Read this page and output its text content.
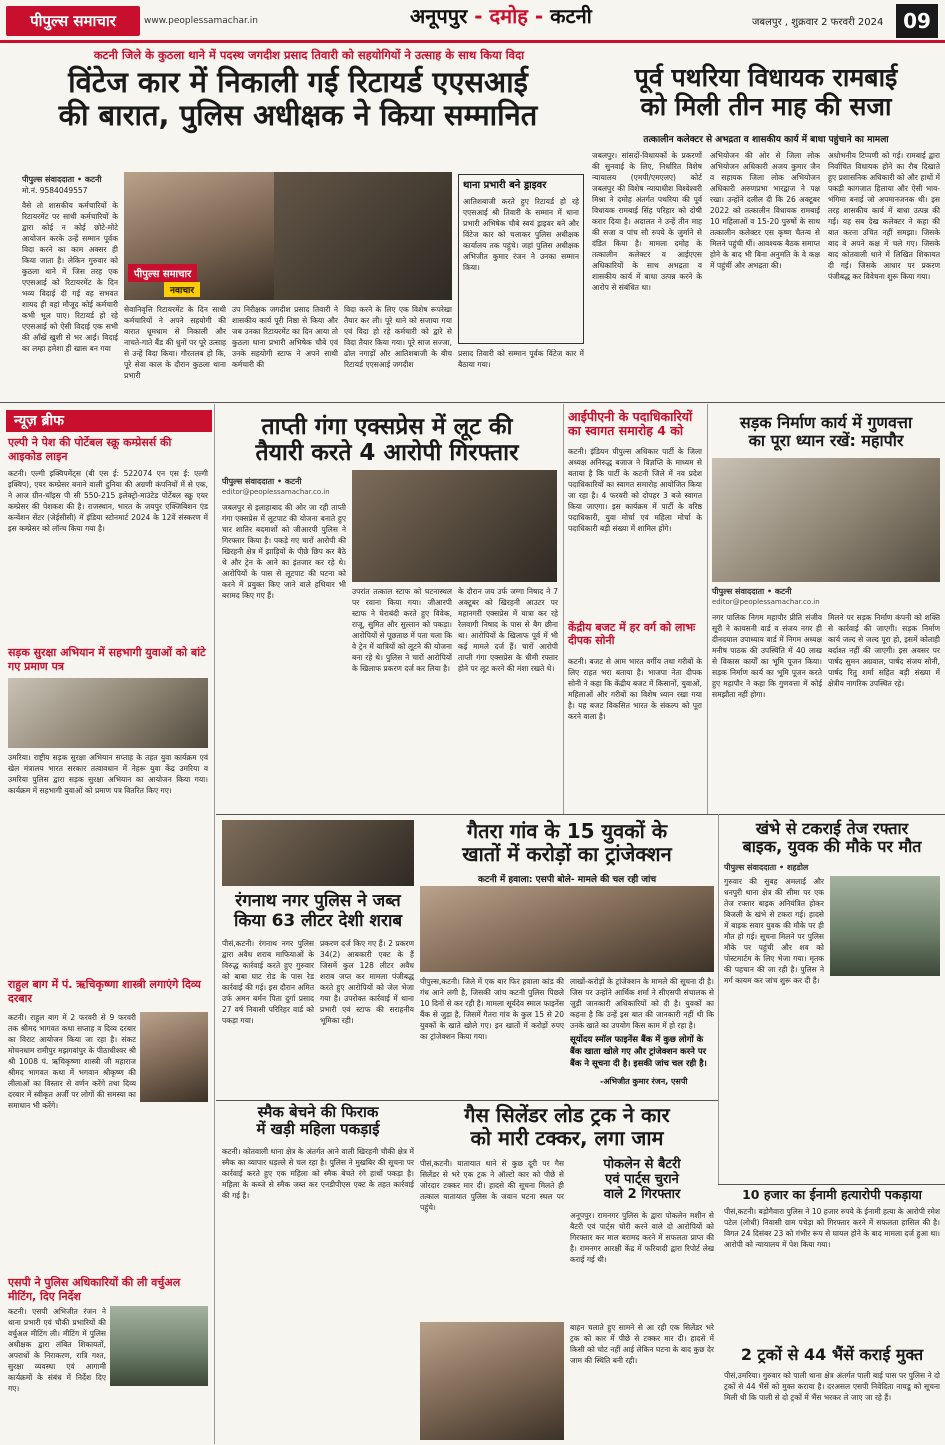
पीपुल्स समाचार	www.peoplessamachar.in	अनूपपुर - दमोह - कटनी	जबलपुर , शुक्रवार 2 फरवरी 2024 09
कटनी जिले के कुठला थाने में पदस्थ जगदीश प्रसाद तिवारी को सहयोगियों ने उत्साह के साथ किया विदा
विंटेज कार में निकाली गई रिटायर्ड एएसआई
की बारात, पुलिस अधीक्षक ने किया सम्मानित
पीपुल्स संवाददाता • कटनी
मो.नं. 9584049557
वैसे तो शासकीय कर्मचारियों के रिटायरमेंट पर साथी कर्मचारियों के द्वारा कोई न कोई छोटे-मोटे आयोजन करके उन्हें सम्मान पूर्वक विदा करने का काम अक्सर ही किया जाता है। लेकिन गुरुवार को कुठला थाने में जिस तरह एक एएसआई को रिटायरमेंट के दिन भव्य विदाई दी गई वह सभवत शायद ही वहां मौजूद कोई कर्मचारी कभी भूल पाए। रिटायर्ड हो रहे एएसआई को ऐसी विदाई एक सभी की आँखें खुशी से भर आईं। विदाई का लम्हा हमेशा ही खास बन गया
पीपुल्स समाचार
नवाचार
सेवानिवृत्ति रिटायरमेंट के दिन साथी कर्मचारियों ने अपने सहयोगी की बारात धूमधाम से निकाली और नाचते-गाते बैंड की धुनों पर पूरे उत्साह से उन्हें विदा किया। गौरतलब हो कि, पूरे सेवा काल के दौरान कुठला थाना प्रभारी
उप निरीक्षक जगदीश प्रसाद तिवारी ने शासकीय कार्य पूरी निष्ठा से किया और जब उनका रिटायरमेंट का दिन आया तो कुठला थाना प्रभारी अभिषेक चौबे एवं उनके सहयोगी स्टाफ ने अपने साथी कर्मचारी की
विदा करने के लिए एक विशेष रूपरेखा तैयार कर ली। पूरे थाने को सजाया गया एवं विदा हो रहे कर्मचारी को द्वारे से विदा तैयार किया गया। पूरे साज सज्जा, ढोल नगाड़ों और आतिशबाजी के बीच रिटायर्ड एएसआई जगदीश
थाना प्रभारी बने ड्राइवर
आतिशबाजी करते हुए रिटायर्ड हो रहे एएसआई श्री तिवारी के सम्मान में थाना प्रभारी अभिषेक चौबे स्वयं ड्राइवर बने और विंटेज कार को चलाकर पुलिस अधीक्षक कार्यालय तक पहुंचे। जहां पुलिस अधीक्षक अभिजीत कुमार रंजन ने उनका सम्मान किया।
प्रसाद तिवारी को सम्मान पूर्वक विंटेज कार में बैठाया गया।
पूर्व पथरिया विधायक रामबाई
को मिली तीन माह की सजा
तत्कालीन कलेक्टर से अभद्रता व शासकीय कार्य में बाधा पहुंचाने का मामला
जबलपुर। सांसदों-विधायकों के प्रकरणों की सुनवाई के लिए, निर्धारित विशेष न्यायालय (एमपी/एमएलए) कोर्ट जबलपुर की विशेष न्यायाधीश विश्वेश्वरी मिश्रा ने दमोह अंतर्गत पथरिया की पूर्व विधायक रामबाई सिंह परिहार को दोषी करार दिया है। अदालत ने उन्हें तीन माह की सजा व पांच सौ रुपये के जुर्माने से दंडित किया है। मामला दमोह के तत्कालीन कलेक्टर व आईएएस अधिकारियों के साथ अभद्रता व शासकीय कार्य में बाधा उत्पन्न करने के आरोप से संबंधित था।
अभियोजन की ओर से जिला लोक अभियोजन अधिकारी अजय कुमार जैन व सहायक जिला लोक अभियोजन अधिकारी अरुणप्रभा भारद्वाज ने पक्ष रखा। उन्होंने दलील दी कि 26 अक्टूबर 2022 को तत्कालीन विधायक रामबाई 10 महिलाओं व 15-20 पुरुषों के साथ तत्कालीन कलेक्टर एस कृष्ण चैतन्य से मिलने पहुंची थीं। आवश्यक बैठक समाप्त होने के बाद भी बिना अनुमति के वे कक्ष में पहुंचीं और अभद्रता की।
अधोभनीय टिप्पणी को गई। रामबाई द्वारा निर्वाचित विधायक होने का रौब दिखाते हुए प्रशासनिक अधिकारी को और हाथों में पकड़ी कागजात हिलाया और ऐसी भाव-भंगिमा बनाई जो अपमानजनक थी। इस तरह शासकीय कार्य में बाधा उत्पन्न की गई। यह सब देख कलेक्टर ने कहा की बात करना उचित नहीं समझा। जिसके बाद वे अपने कक्ष में चले गए। जिसके बाद कोतवाली थाने में लिखित शिकायत दी गई। जिसके आधार पर प्रकरण पंजीबद्ध कर विवेचना शुरू किया गया।
न्यूज़ ब्रीफ
एल्पी ने पेश की पोर्टेबल स्क्रू कम्प्रेसर्स की आइकोड लाइन
कटनी। एल्गी इक्विपमेंट्स (बी एस ई: 522074 एन एस ई: एल्गी इक्विप), एयर कम्प्रेसर बनाने वाली दुनिया की अग्रणी कंपनियों में से एक, ने आज ग्रीन-चॉइस पी सी 550-215 इलेक्ट्रो-माउंटेड पोर्टेबल स्क्रू एयर कम्प्रेसर की पेशकश की है। राजस्थान, भारत के जयपुर एक्जिबिशन एंड कन्वेंशन सेंटर (जेईसीसी) में इंडिया स्टोनमार्ट 2024 के 12वें संस्करण में इस कम्प्रेसर को लॉन्च किया गया है।
सड़क सुरक्षा अभियान में सहभागी युवाओं को बांटे गए प्रमाण पत्र
उमरिया। राष्ट्रीय सड़क सुरक्षा अभियान सप्ताह के तहत युवा कार्यक्रम एवं खेल मंत्रालय भारत सरकार तत्वावधान में नेहरू युवा केंद्र उमरिया व उमरिया पुलिस द्वारा सड़क सुरक्षा अभियान का आयोजन किया गया। कार्यक्रम में सहभागी युवाओं को प्रमाण पत्र वितरित किए गए।
राहुल बाग में पं. ऋचिकृष्णा शास्त्री लगाएंगे दिव्य दरबार
कटनी। राहुल बाग में 2 फरवरी से 9 फरवरी तक श्रीमद भागवत कथा सप्ताह व दिव्य दरबार का विराट आयोजन किया जा रहा है। संकट मोचनधाम रामीपुर मझगवांपुर के पीठाधीश्वर श्री श्री 1008 पं. ऋचिकृष्णा शास्त्री जी महाराज श्रीमद भागवत कथा में भगवान श्रीकृष्ण की लीलाओं का विस्तार से वर्णन करेंगे तथा दिव्य दरबार में स्वीकृत अर्जी पर लोगों की समस्या का समाधान भी करेंगे।
एसपी ने पुलिस अधिकारियों की ली वर्चुअल मीटिंग, दिए निर्देश
कटनी। एसपी अभिजीत रंजन ने थाना प्रभारी एवं चौकी प्रभारियों की वर्चुअल मीटिंग ली। मीटिंग में पुलिस अधीक्षक द्वारा लंबित शिकायतों, अपराधों के निराकरण, रात्रि गश्त, सुरक्षा व्यवस्था एवं आगामी कार्यक्रमों के संबंध में निर्देश दिए गए।
ताप्ती गंगा एक्सप्रेस में लूट की
तैयारी करते 4 आरोपी गिरफ्तार
पीपुल्स संवाददाता • कटनी
editor@peoplessamachar.co.in
जबलपुर से इलाहाबाद की ओर जा रही ताप्ती गंगा एक्सप्रेस में लूटपाट की योजना बनाते हुए चार शातिर बदमाशों को जीआरपी पुलिस ने गिरफ्तार किया है। पकड़े गए चारों आरोपी की खिरहनी क्षेत्र में झाड़ियों के पीछे छिप कर बैठे थे और ट्रेन के आने का इंतजार कर रहे थे। आरोपियों के पास से लूटपाट की घटना को करने में प्रयुक्त किए जाने वाले हथियार भी बरामद किए गए हैं।	उपरांत तत्काल स्टाफ को घटनास्थल पर रवाना किया गया। जीआरपी स्टाफ ने घेराबंदी करते हुए विवेक, राजू, सुमित और सुल्तान को पकड़ा। आरोपियों से पूछताछ में पता चला कि वे ट्रेन में यात्रियों को लूटने की योजना बना रहे थे। पुलिस ने चारों आरोपियों के खिलाफ प्रकरण दर्ज कर लिया है।
के दौरान जय उर्फ जग्गा निषाद ने 7 अक्टूबर को खिरहनी आउटर पर महानगरी एक्सप्रेस में यात्रा कर रहे रेलवागी निषाद के पास से बैग छीना था। आरोपियों के खिलाफ पूर्व में भी कई मामले दर्ज हैं। चारों आरोपी ताप्ती गंगा एक्सप्रेस के धीमी रफ्तार होने पर लूट करने की मंशा रखते थे।
आईपीएनी के पदाधिकारियों
का स्वागत समारोह 4 को
कटनी। इंडियन पीपुल्स अधिकार पार्टी के जिला अध्यक्ष अनिरुद्ध बजाज ने विज्ञप्ति के माध्यम से बताया है कि पार्टी के कटनी जिले में नव प्रदेश पदाधिकारियों का स्वागत समारोह आयोजित किया जा रहा है। 4 फरवरी को दोपहर 3 बजे स्वागत किया जाएगा। इस कार्यक्रम में पार्टी के वरिष्ठ पदाधिकारी, युवा मोर्चा एवं महिला मोर्चा के पदाधिकारी बड़ी संख्या में शामिल होंगे।
केंद्रीय बजट में हर वर्ग को लाभः दीपक सोनी
कटनी। बजट से आम भारत वर्गीय तथा गरीबों के लिए राहत भरा बताया है। भाजपा नेता दीपक सोनी ने कहा कि केंद्रीय बजट में किसानों, युवाओं, महिलाओं और गरीबों का विशेष ध्यान रखा गया है। यह बजट विकसित भारत के संकल्प को पूरा करने वाला है।
सड़क निर्माण कार्य में गुणवत्ता
का पूरा ध्यान रखें: महापौर
पीपुल्स संवाददाता • कटनी
editor@peoplessamachar.co.in
नगर पालिक निगम महापौर प्रीति संजीव सूरी ने कायसनी वार्ड व संजय नगर ही दीनदयाल उपाध्याय वार्ड में निगम अध्यक्ष मनीष पाठक की उपस्थिति में 40 लाख से विकास कार्यों का भूमि पूजन किया। सड़क निर्माण कार्य का भूमि पूजन करते हुए महापौर ने कहा कि गुणवत्ता में कोई समझौता नहीं होगा।
मिलने पर सड़क निर्माण कंपनी को शक्ति से कार्रवाई की जाएगी। सड़क निर्माण कार्य जल्द से जल्द पूरा हो, इसमें कोताही बर्दाश्त नहीं की जाएगी। इस अवसर पर पार्षद सुमन अग्रवाल, पार्षद संजय सोनी, पार्षद रितु शर्मा सहित बड़ी संख्या में क्षेत्रीय नागरिक उपस्थित रहे।
गैतरा गांव के 15 युवकों के
खातों में करोड़ों का ट्रांजेक्शन
कटनी में हवाला: एसपी बोले- मामले की चल रही जांच
पीपुल्स,कटनी। जिले में एक बार फिर हवाला कांड की गंध आने लगी है, जिसकी जांच कटनी पुलिस पिछले 10 दिनों से कर रही है। मामला सूर्यदेव स्माल फाइनेंस बैंक से जुड़ा है, जिसमें गैतरा गांव के कुल 15 से 20 युवकों के खाते खोले गए। इन खातों में करोड़ों रुपए का ट्रांजेक्शन किया गया।
लाखों-करोड़ों के ट्रांजेक्शन के मामले की सूचना दी है। जिस पर उन्होंने आर्थिक शर्मा ने सीएसपी संचालक से जुड़ी जानकारी अधिकारियों को दी है। युवकों का कहना है कि उन्हें इस बात की जानकारी नहीं थी कि उनके खाते का उपयोग किस काम में हो रहा है।
सूर्योदय स्मॉल फाइनेंस बैंक में कुछ लोगों के बैंक खाता खोले गए और ट्रांजेक्शन करने पर बैंक ने सूचना दी है। इसकी जांच चल रही है।
-अभिजीत कुमार रंजन, एसपी
रंगनाथ नगर पुलिस ने जब्त
किया 63 लीटर देशी शराब
पीसं,कटनी। रंगनाथ नगर पुलिस द्वारा अवैध शराब माफियाओं के विरुद्ध कार्रवाई करते हुए गुरुवार को बाबा घाट रोड के पास रेड कार्रवाई की गई। इस दौरान अमित उर्फ अमन बर्मन पिता दुर्गा प्रसाद 27 वर्ष निवासी परिरिहर वार्ड को पकड़ा गया।
प्रकरण दर्ज किए गए हैं। 2 प्रकरण 34(2) आबकारी एक्ट के हैं जिसमें कुल 128 लीटर अवैध शराब जप्त कर मामला पंजीबद्ध करते हुए आरोपियों को जेल भेजा गया है। उपरोक्त कार्रवाई में थाना प्रभारी एवं स्टाफ की सराहनीय भूमिका रही।
खंभे से टकराई तेज रफ्तार
बाइक, युवक की मौके पर मौत
पीपुल्स संवाददाता • शहडोल
गुरुवार की सुबह अमलाई और धनपुरी थाना क्षेत्र की सीमा पर एक तेज रफ्तार बाइक अनियंत्रित होकर बिजली के खंभे से टकरा गई। हादसे में बाइक सवार युवक की मौके पर ही मौत हो गई। सूचना मिलने पर पुलिस मौके पर पहुंची और शव को पोस्टमार्टम के लिए भेजा गया। मृतक की पहचान की जा रही है। पुलिस ने मर्ग कायम कर जांच शुरू कर दी है।
स्मैक बेचने की फिराक
में खड़ी महिला पकड़ाई
कटनी। कोतवाली थाना क्षेत्र के अंतर्गत आने वाली खिरहनी चौकी क्षेत्र में स्मैक का व्यापार धड़ल्ले से चल रहा है। पुलिस ने मुखबिर की सूचना पर कार्रवाई करते हुए एक महिला को स्मैक बेचते रंगे हाथों पकड़ा है। महिला के कब्जे से स्मैक जब्त कर एनडीपीएस एक्ट के तहत कार्रवाई की गई है।
गैस सिलेंडर लोड ट्रक ने कार
को मारी टक्कर, लगा जाम
पीसं,कटनी। यातायात थाने से कुछ दूरी पर गैस सिलेंडर से भरे एक ट्रक ने ऑल्टो कार को पीछे से जोरदार टक्कर मार दी। हादसे की सूचना मिलते ही तत्काल यातायात पुलिस के जवान घटना स्थल पर पहुंचे।
बाहन चलाते हुए सामने से आ रही एक सिलेंडर भरे ट्रक को कार में पीछे से टक्कर मार दी। हादसे में किसी को चोट नहीं आई लेकिन घटना के बाद कुछ देर जाम की स्थिति बनी रही।
पोकलेन से बैटरी
एवं पार्ट्स चुराने
वाले 2 गिरफ्तार
अनूपपुर। रामनगर पुलिस के द्वारा पोकलेन मशीन से बैटरी एवं पार्ट्स चोरी करने वाले दो आरोपियों को गिरफ्तार कर माल बरामद करने में सफलता प्राप्त की है। रामनगर आरक्षी केंद्र में फरियादी द्वारा रिपोर्ट लेख कराई गई थी।
10 हजार का ईनामी हत्यारोपी पकड़ाया
पीसं,कटनी। बड़ोगैवारा पुलिस ने 10 हजार रुपये के ईनामी हत्या के आरोपी रमेश पटेल (लोधी) निवासी ग्राम पचेड़ा को गिरफ्तार करने में सफलता हासिल की है। विगत 24 दिसंबर 23 को गंभीर रूप से घायल होने के बाद मामला दर्ज हुआ था। आरोपी को न्यायालय में पेश किया गया।
2 ट्रकों से 44 भैंसें कराई मुक्त
पीसं,उमरिया। गुरुवार को पाली थाना क्षेत्र अंतर्गत पाली बाई पास पर पुलिस ने दो ट्रकों से 44 भैंसें को मुक्त कराया है। दरअसल एसपी निवेदिता नायडू को सूचना मिली थी कि पाली से दो ट्रकों में भैंस भरकर ले जाए जा रहे हैं।
